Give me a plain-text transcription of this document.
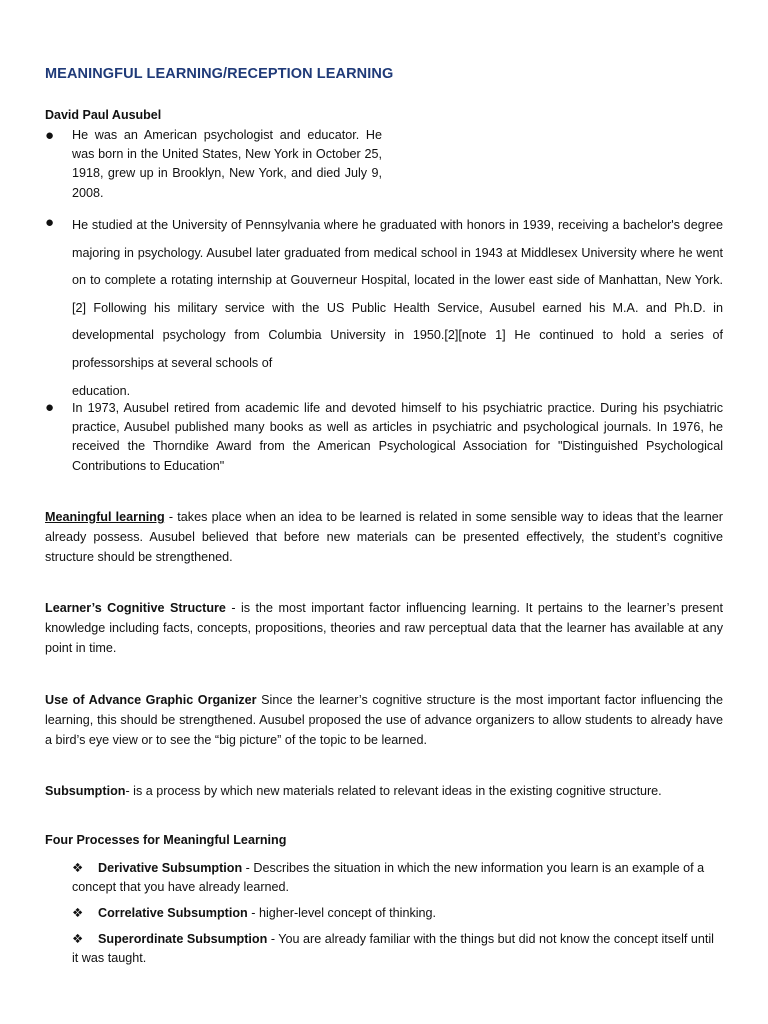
MEANINGFUL LEARNING/RECEPTION LEARNING
David Paul Ausubel
● He was an American psychologist and educator. He was born in the United States, New York in October 25, 1918, grew up in Brooklyn, New York, and died July 9, 2008.
● He studied at the University of Pennsylvania where he graduated with honors in 1939, receiving a bachelor's degree majoring in psychology. Ausubel later graduated from medical school in 1943 at Middlesex University where he went on to complete a rotating internship at Gouverneur Hospital, located in the lower east side of Manhattan, New York.[2] Following his military service with the US Public Health Service, Ausubel earned his M.A. and Ph.D. in developmental psychology from Columbia University in 1950.[2][note 1] He continued to hold a series of professorships at several schools of
education.
● In 1973, Ausubel retired from academic life and devoted himself to his psychiatric practice. During his psychiatric practice, Ausubel published many books as well as articles in psychiatric and psychological journals. In 1976, he received the Thorndike Award from the American Psychological Association for "Distinguished Psychological Contributions to Education"
Meaningful learning - takes place when an idea to be learned is related in some sensible way to ideas that the learner already possess. Ausubel believed that before new materials can be presented effectively, the student’s cognitive structure should be strengthened.
Learner’s Cognitive Structure - is the most important factor influencing learning. It pertains to the learner’s present knowledge including facts, concepts, propositions, theories and raw perceptual data that the learner has available at any point in time.
Use of Advance Graphic Organizer Since the learner’s cognitive structure is the most important factor influencing the learning, this should be strengthened. Ausubel proposed the use of advance organizers to allow students to already have a bird’s eye view or to see the “big picture” of the topic to be learned.
Subsumption- is a process by which new materials related to relevant ideas in the existing cognitive structure.
Four Processes for Meaningful Learning
❖ Derivative Subsumption - Describes the situation in which the new information you learn is an example of a concept that you have already learned.
❖ Correlative Subsumption - higher-level concept of thinking.
❖ Superordinate Subsumption - You are already familiar with the things but did not know the concept itself until it was taught.
